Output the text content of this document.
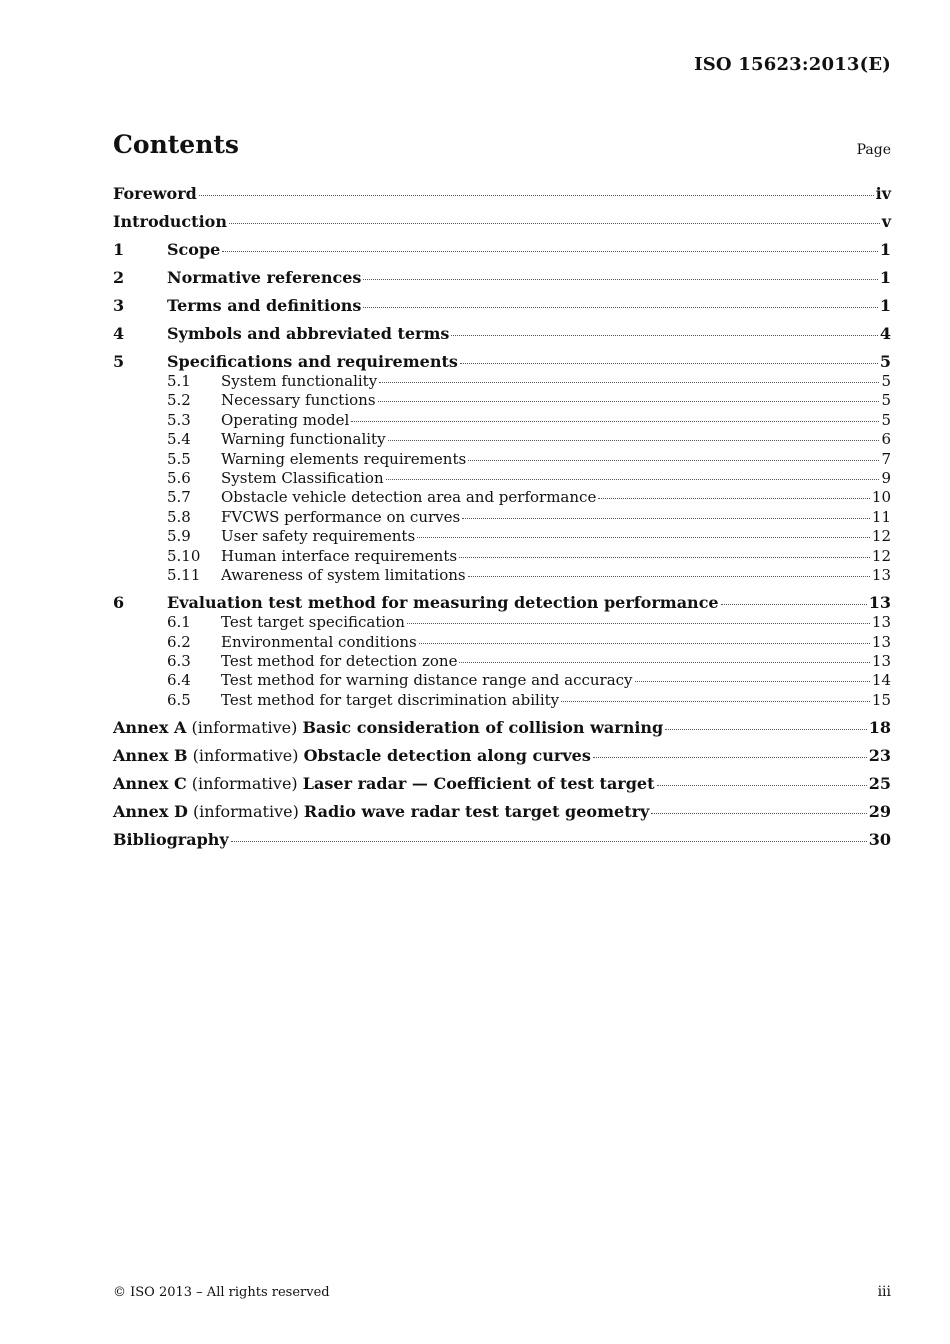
ISO 15623:2013(E)
Contents	Page
Foreword	iv
Introduction	v
1	Scope	1
2	Normative references	1
3	Terms and definitions	1
4	Symbols and abbreviated terms	4
5	Specifications and requirements	5
5.1	System functionality	5
5.2	Necessary functions	5
5.3	Operating model	5
5.4	Warning functionality	6
5.5	Warning elements requirements	7
5.6	System Classification	9
5.7	Obstacle vehicle detection area and performance	10
5.8	FVCWS performance on curves	11
5.9	User safety requirements	12
5.10	Human interface requirements	12
5.11	Awareness of system limitations	13
6	Evaluation test method for measuring detection performance	13
6.1	Test target specification	13
6.2	Environmental conditions	13
6.3	Test method for detection zone	13
6.4	Test method for warning distance range and accuracy	14
6.5	Test method for target discrimination ability	15
Annex A (informative) Basic consideration of collision warning	18
Annex B (informative) Obstacle detection along curves	23
Annex C (informative) Laser radar — Coefficient of test target	25
Annex D (informative) Radio wave radar test target geometry	29
Bibliography	30
© ISO 2013 – All rights reserved	iii
